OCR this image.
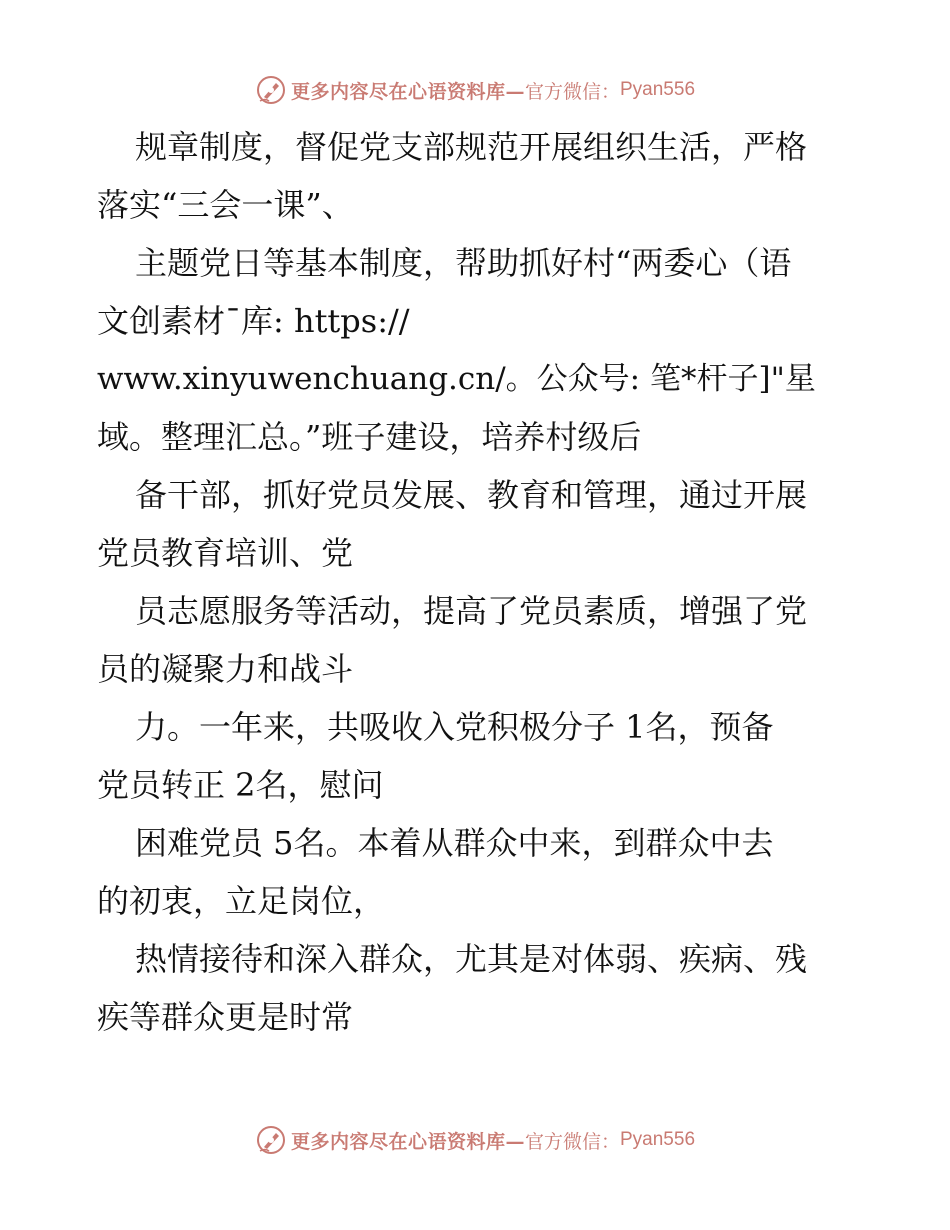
更多内容尽在心语资料库— 官方微信： Pyan556
规章制度，督促党支部规范开展组织生活，严格
落实“三会一课”、
主题党日等基本制度，帮助抓好村“两委心（语
文创素材¯库: https://
www.xinyuwenchuang.cn/。公众号: 笔*杆子]"星
域。整理汇总。”班子建设，培养村级后
备干部，抓好党员发展、教育和管理，通过开展
党员教育培训、党
员志愿服务等活动，提高了党员素质，增强了党
员的凝聚力和战斗
力。一年来，共吸收入党积极分子 1名，预备
党员转正 2名，慰问
困难党员 5名。本着从群众中来，到群众中去
的初衷，立足岗位，
热情接待和深入群众，尤其是对体弱、疾病、残
疾等群众更是时常
更多内容尽在心语资料库— 官方微信： Pyan556
